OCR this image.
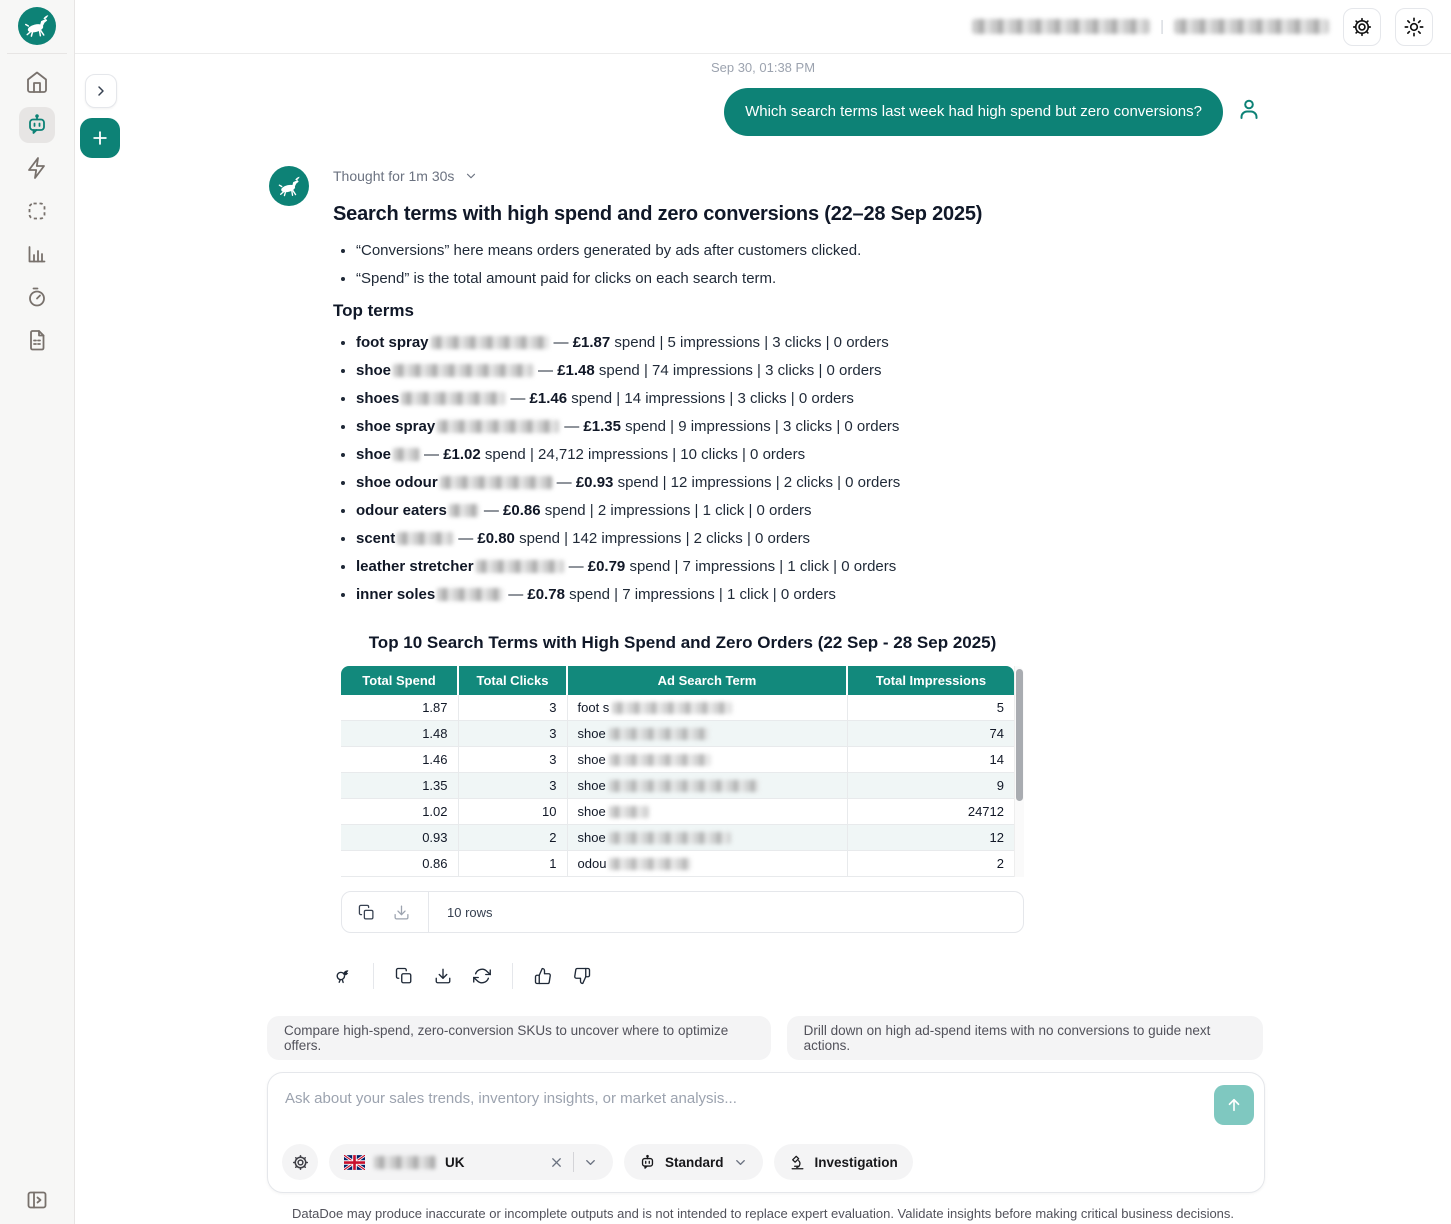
|
Sep 30, 01:38 PM
Which search terms last week had high spend but zero conversions?
Thought for 1m 30s
Search terms with high spend and zero conversions (22–28 Sep 2025)
• “Conversions” here means orders generated by ads after customers clicked.
• “Spend” is the total amount paid for clicks on each search term.
Top terms
• foot spray	— £1.87 spend | 5 impressions | 3 clicks | 0 orders
• shoe	— £1.48 spend | 74 impressions | 3 clicks | 0 orders
• shoes	— £1.46 spend | 14 impressions | 3 clicks | 0 orders
• shoe spray	— £1.35 spend | 9 impressions | 3 clicks | 0 orders
• shoe — £1.02 spend | 24,712 impressions | 10 clicks | 0 orders
• shoe odour	— £0.93 spend | 12 impressions | 2 clicks | 0 orders
• odour eaters — £0.86 spend | 2 impressions | 1 click | 0 orders
• scent	— £0.80 spend | 142 impressions | 2 clicks | 0 orders
• leather stretcher	— £0.79 spend | 7 impressions | 1 click | 0 orders
• inner soles	— £0.78 spend | 7 impressions | 1 click | 0 orders
Top 10 Search Terms with High Spend and Zero Orders (22 Sep - 28 Sep 2025)
Total Spend	Total Clicks	Ad Search Term	Total Impressions
1.87	3	foot s	5
1.48	3	shoe	74
1.46	3	shoe	14
1.35	3	shoe	9
1.02	10	shoe	24712
0.93	2	shoe	12
0.86	1	odou	2
10 rows
Compare high-spend, zero-conversion SKUs to uncover where to optimize offers.
Drill down on high ad-spend items with no conversions to guide next actions.
Ask about your sales trends, inventory insights, or market analysis...
UK	Standard	Investigation
DataDoe may produce inaccurate or incomplete outputs and is not intended to replace expert evaluation. Validate insights before making critical business decisions.
